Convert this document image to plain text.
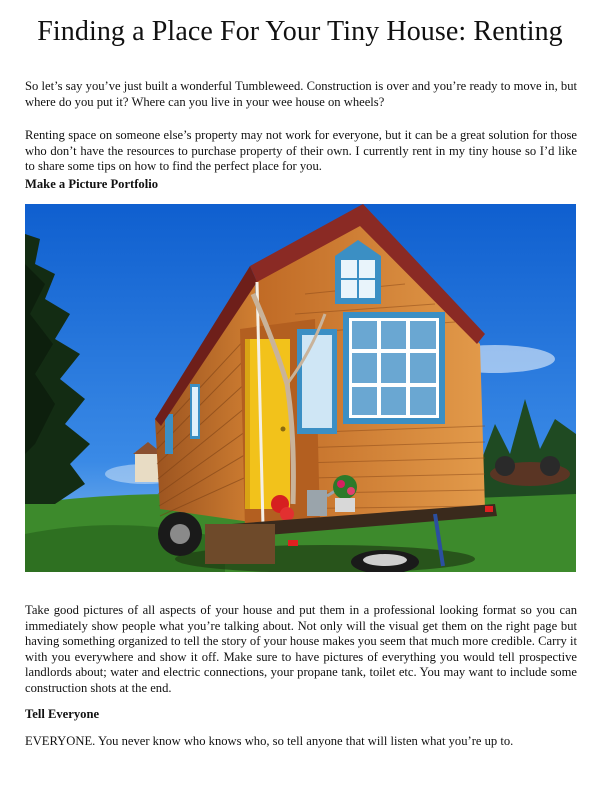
Finding a Place For Your Tiny House: Renting

So let’s say you’ve just built a wonderful Tumbleweed. Construction is over and you’re ready to move in, but where do you put it? Where can you live in your wee house on wheels?

Renting space on someone else’s property may not work for everyone, but it can be a great solution for those who don’t have the resources to purchase property of their own. I currently rent in my tiny house so I’d like to share some tips on how to find the perfect place for you.

Make a Picture Portfolio

Take good pictures of all aspects of your house and put them in a professional looking format so you can immediately show people what you’re talking about. Not only will the visual get them on the right page but having something organized to tell the story of your house makes you seem that much more credible. Carry it with you everywhere and show it off. Make sure to have pictures of everything you would tell prospective landlords about; water and electric connections, your propane tank, toilet etc. You may want to include some construction shots at the end.

Tell Everyone

EVERYONE. You never know who knows who, so tell anyone that will listen what you’re up to.
